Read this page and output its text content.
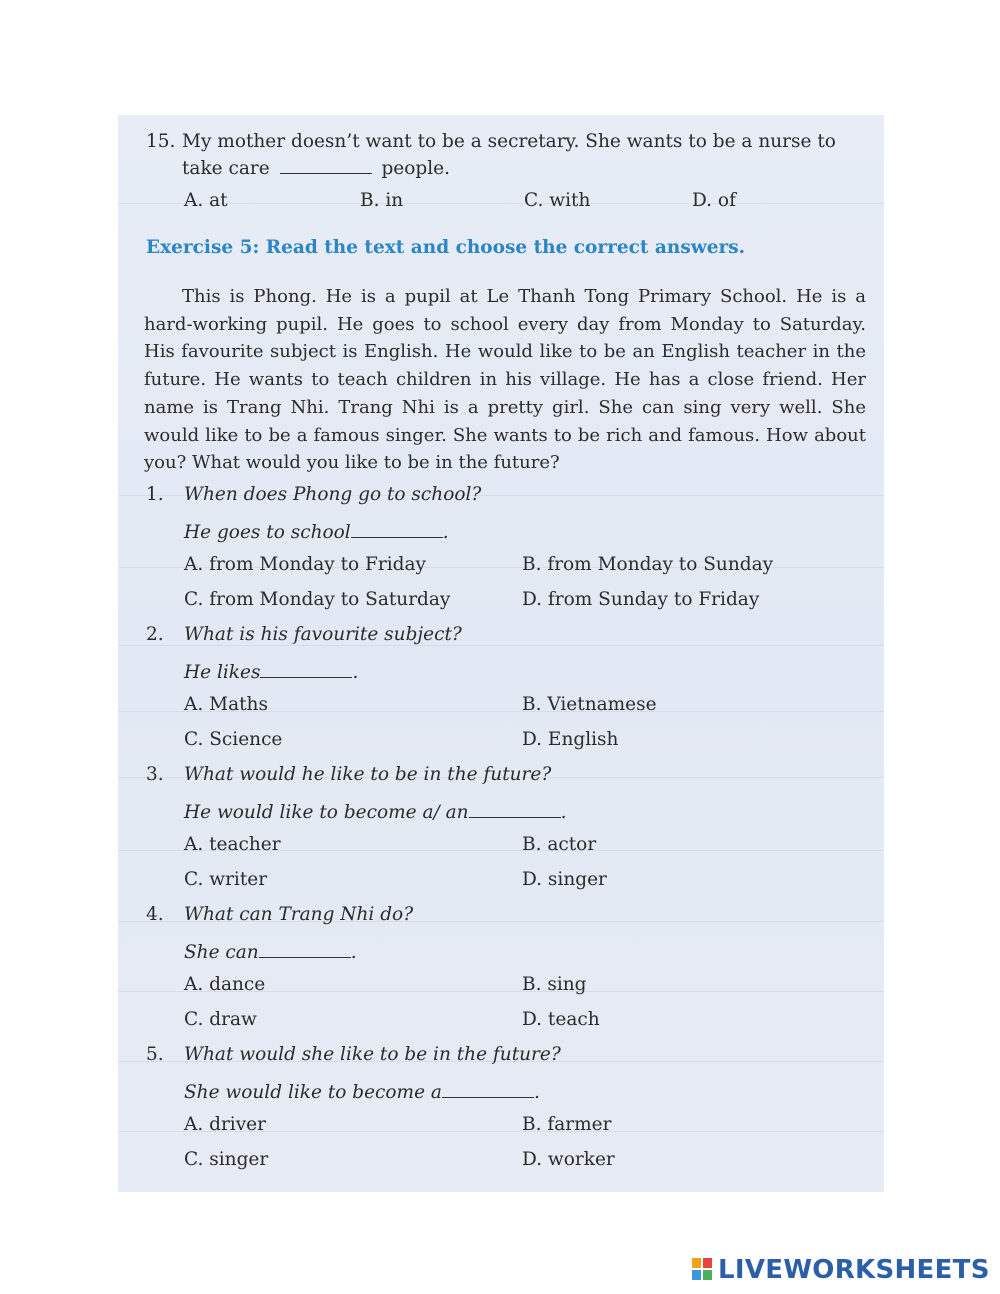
15. My mother doesn’t want to be a secretary. She wants to be a nurse to
take care	people.
A. at	B. in	C. with	D. of
Exercise 5: Read the text and choose the correct answers.
This is Phong. He is a pupil at Le Thanh Tong Primary School. He is a hard-working pupil. He goes to school every day from Monday to Saturday. His favourite subject is English. He would like to be an English teacher in the future. He wants to teach children in his village. He has a close friend. Her name is Trang Nhi. Trang Nhi is a pretty girl. She can sing very well. She would like to be a famous singer. She wants to be rich and famous. How about you? What would you like to be in the future?
1. When does Phong go to school?
He goes to school	.
A. from Monday to Friday	B. from Monday to Sunday
C. from Monday to Saturday	D. from Sunday to Friday
2. What is his favourite subject?
He likes	.
A. Maths	B. Vietnamese
C. Science	D. English
3. What would he like to be in the future?
He would like to become a/ an	.
A. teacher	B. actor
C. writer	D. singer
4. What can Trang Nhi do?
She can	.
A. dance	B. sing
C. draw	D. teach
5. What would she like to be in the future?
She would like to become a	.
A. driver	B. farmer
C. singer	D. worker
LIVEWORKSHEETS
